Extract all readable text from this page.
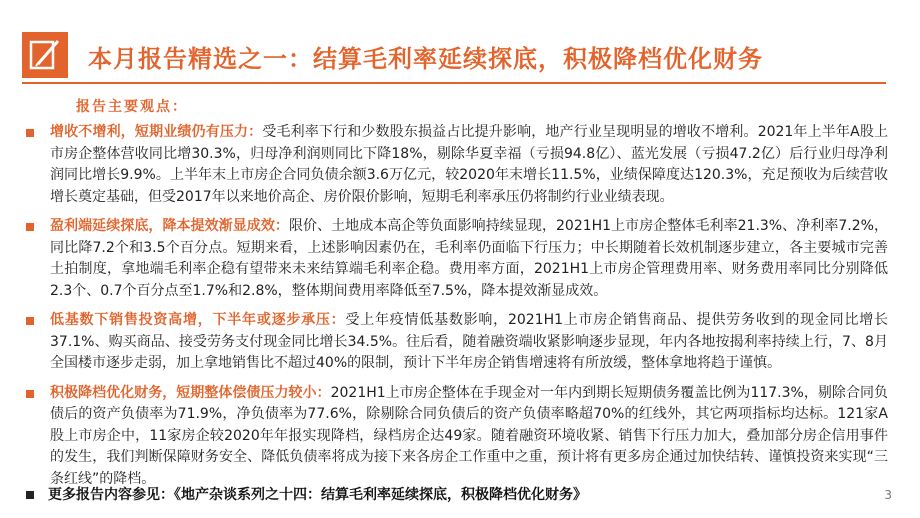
本月报告精选之一：结算毛利率延续探底，积极降档优化财务
报告主要观点：
增收不增利，短期业绩仍有压力：受毛利率下行和少数股东损益占比提升影响，地产行业呈现明显的增收不增利。2021年上半年A股上市房企整体营收同比增30.3%，归母净利润则同比下降18%，剔除华夏幸福（亏损94.8亿）、蓝光发展（亏损47.2亿）后行业归母净利润同比增长9.9%。上半年末上市房企合同负债余额3.6万亿元，较2020年末增长11.5%，业绩保障度达120.3%，充足预收为后续营收增长奠定基础，但受2017年以来地价高企、房价限价影响，短期毛利率承压仍将制约行业业绩表现。
盈利端延续探底，降本提效渐显成效：限价、土地成本高企等负面影响持续显现，2021H1上市房企整体毛利率21.3%、净利率7.2%，同比降7.2个和3.5个百分点。短期来看，上述影响因素仍在，毛利率仍面临下行压力；中长期随着长效机制逐步建立，各主要城市完善土拍制度，拿地端毛利率企稳有望带来未来结算端毛利率企稳。费用率方面，2021H1上市房企管理费用率、财务费用率同比分别降低2.3个、0.7个百分点至1.7%和2.8%，整体期间费用率降低至7.5%，降本提效渐显成效。
低基数下销售投资高增，下半年或逐步承压：受上年疫情低基数影响，2021H1上市房企销售商品、提供劳务收到的现金同比增长37.1%、购买商品、接受劳务支付现金同比增长34.5%。往后看，随着融资端收紧影响逐步显现，年内各地按揭利率持续上行，7、8月全国楼市逐步走弱，加上拿地销售比不超过40%的限制，预计下半年房企销售增速将有所放缓，整体拿地将趋于谨慎。
积极降档优化财务，短期整体偿债压力较小：2021H1上市房企整体在手现金对一年内到期长短期债务覆盖比例为117.3%，剔除合同负债后的资产负债率为71.9%，净负债率为77.6%，除剔除合同负债后的资产负债率略超70%的红线外，其它两项指标均达标。121家A股上市房企中，11家房企较2020年年报实现降档，绿档房企达49家。随着融资环境收紧、销售下行压力加大，叠加部分房企信用事件的发生，我们判断保障财务安全、降低负债率将成为接下来各房企工作重中之重，预计将有更多房企通过加快结转、谨慎投资来实现“三条红线”的降档。
更多报告内容参见：《地产杂谈系列之十四：结算毛利率延续探底，积极降档优化财务》	3
